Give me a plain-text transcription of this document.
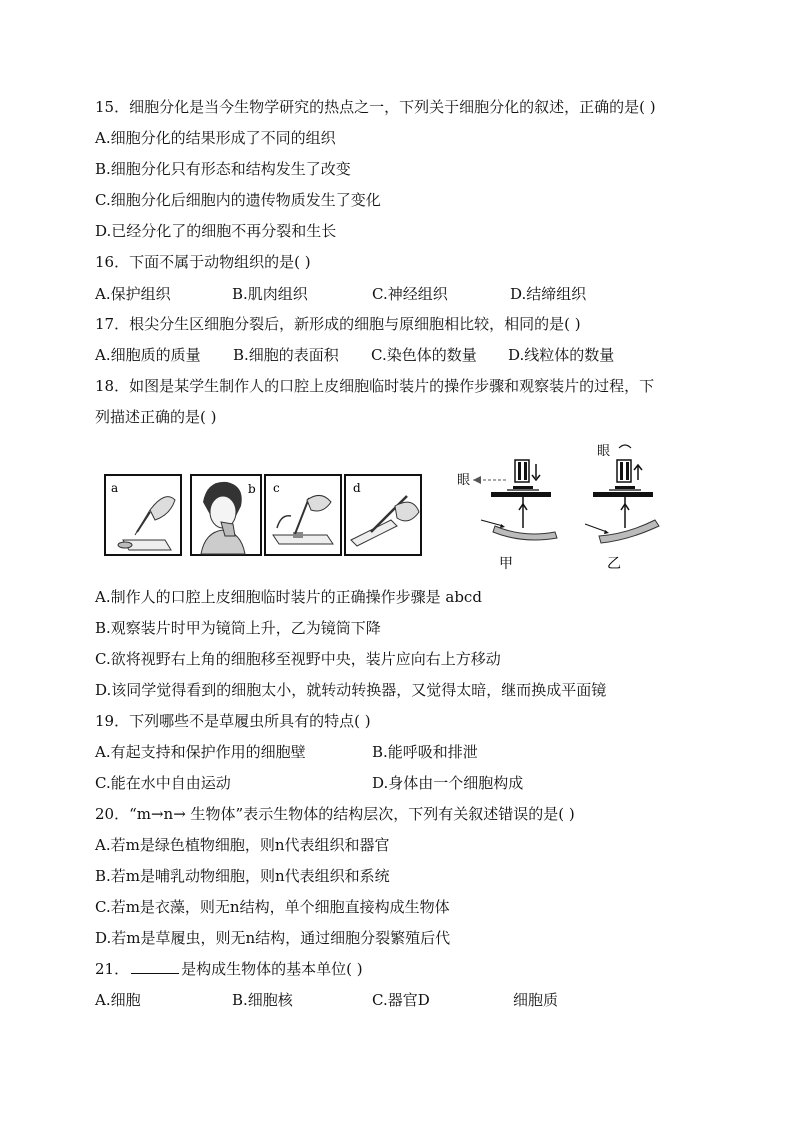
15．细胞分化是当今生物学研究的热点之一，下列关于细胞分化的叙述，正确的是( )
A.细胞分化的结果形成了不同的组织
B.细胞分化只有形态和结构发生了改变
C.细胞分化后细胞内的遗传物质发生了变化
D.已经分化了的细胞不再分裂和生长
16．下面不属于动物组织的是( )
A.保护组织	B.肌肉组织	C.神经组织	D.结缔组织
17．根尖分生区细胞分裂后，新形成的细胞与原细胞相比较，相同的是( )
A.细胞质的质量 B.细胞的表面积 C.染色体的数量 D.线粒体的数量
18．如图是某学生制作人的口腔上皮细胞临时装片的操作步骤和观察装片的过程，下
列描述正确的是( )
a	b c	d	眼
甲
眼
乙
A.制作人的口腔上皮细胞临时装片的正确操作步骤是 abcd
B.观察装片时甲为镜筒上升，乙为镜筒下降
C.欲将视野右上角的细胞移至视野中央，装片应向右上方移动
D.该同学觉得看到的细胞太小，就转动转换器，又觉得太暗，继而换成平面镜
19．下列哪些不是草履虫所具有的特点( )
A.有起支持和保护作用的细胞壁	B.能呼吸和排泄
C.能在水中自由运动	D.身体由一个细胞构成
20．“m→n→ 生物体”表示生物体的结构层次，下列有关叙述错误的是( )
A.若m是绿色植物细胞，则n代表组织和器官
B.若m是哺乳动物细胞，则n代表组织和系统
C.若m是衣藻，则无n结构，单个细胞直接构成生物体
D.若m是草履虫，则无n结构，通过细胞分裂繁殖后代
21．	是构成生物体的基本单位( )
A.细胞	B.细胞核	C.器官D	细胞质
